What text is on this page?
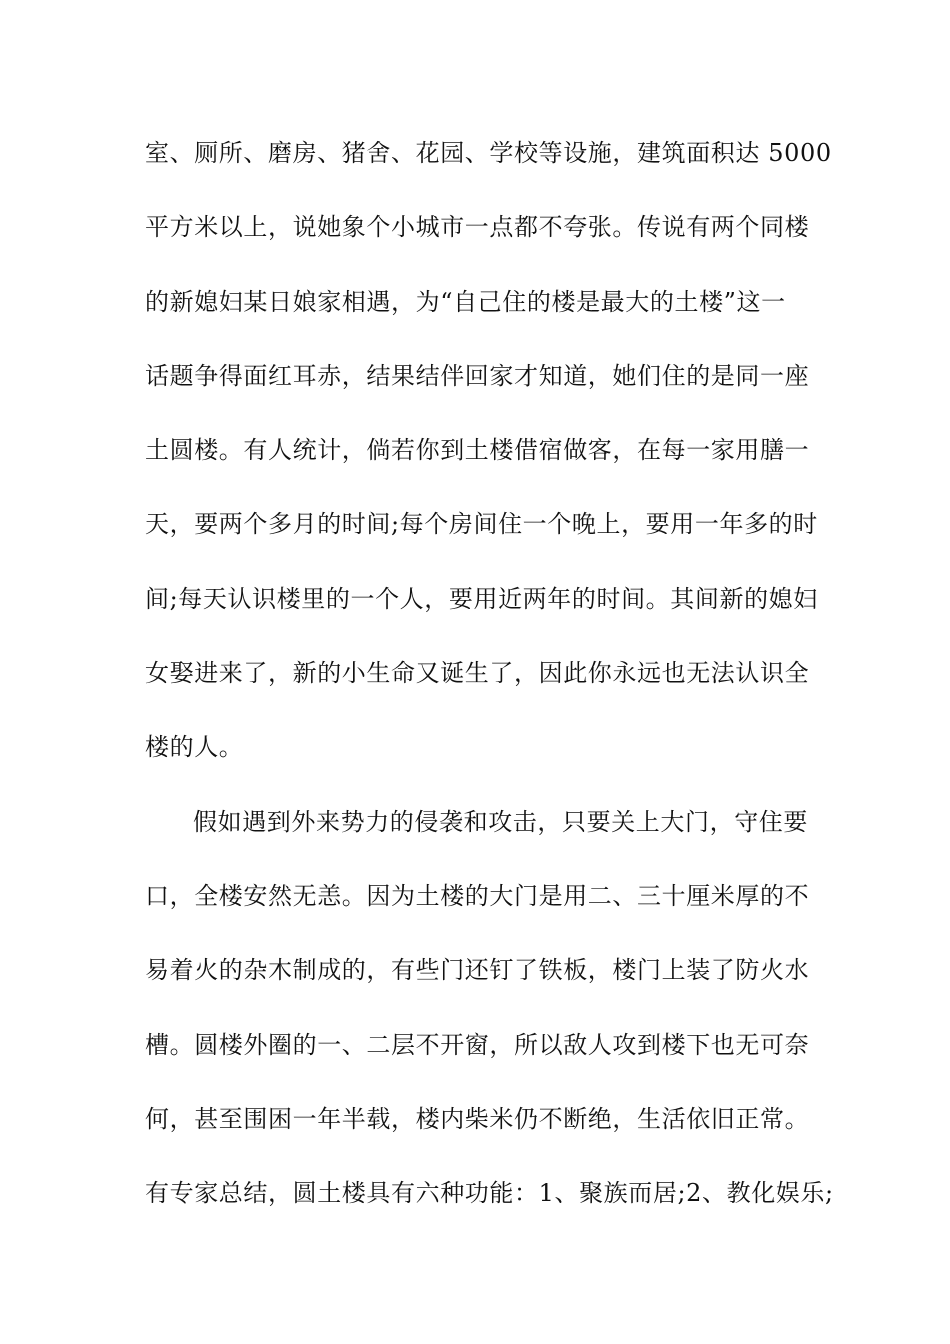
室、厕所、磨房、猪舍、花园、学校等设施，建筑面积达 5000
平方米以上，说她象个小城市一点都不夸张。传说有两个同楼
的新媳妇某日娘家相遇，为“自己住的楼是最大的土楼”这一
话题争得面红耳赤，结果结伴回家才知道，她们住的是同一座
土圆楼。有人统计，倘若你到土楼借宿做客，在每一家用膳一
天，要两个多月的时间;每个房间住一个晚上，要用一年多的时
间;每天认识楼里的一个人，要用近两年的时间。其间新的媳妇
女娶进来了，新的小生命又诞生了，因此你永远也无法认识全
楼的人。
假如遇到外来势力的侵袭和攻击，只要关上大门，守住要
口，全楼安然无恙。因为土楼的大门是用二、三十厘米厚的不
易着火的杂木制成的，有些门还钉了铁板，楼门上装了防火水
槽。圆楼外圈的一、二层不开窗，所以敌人攻到楼下也无可奈
何，甚至围困一年半载，楼内柴米仍不断绝，生活依旧正常。
有专家总结，圆土楼具有六种功能：1、聚族而居;2、教化娱乐;
